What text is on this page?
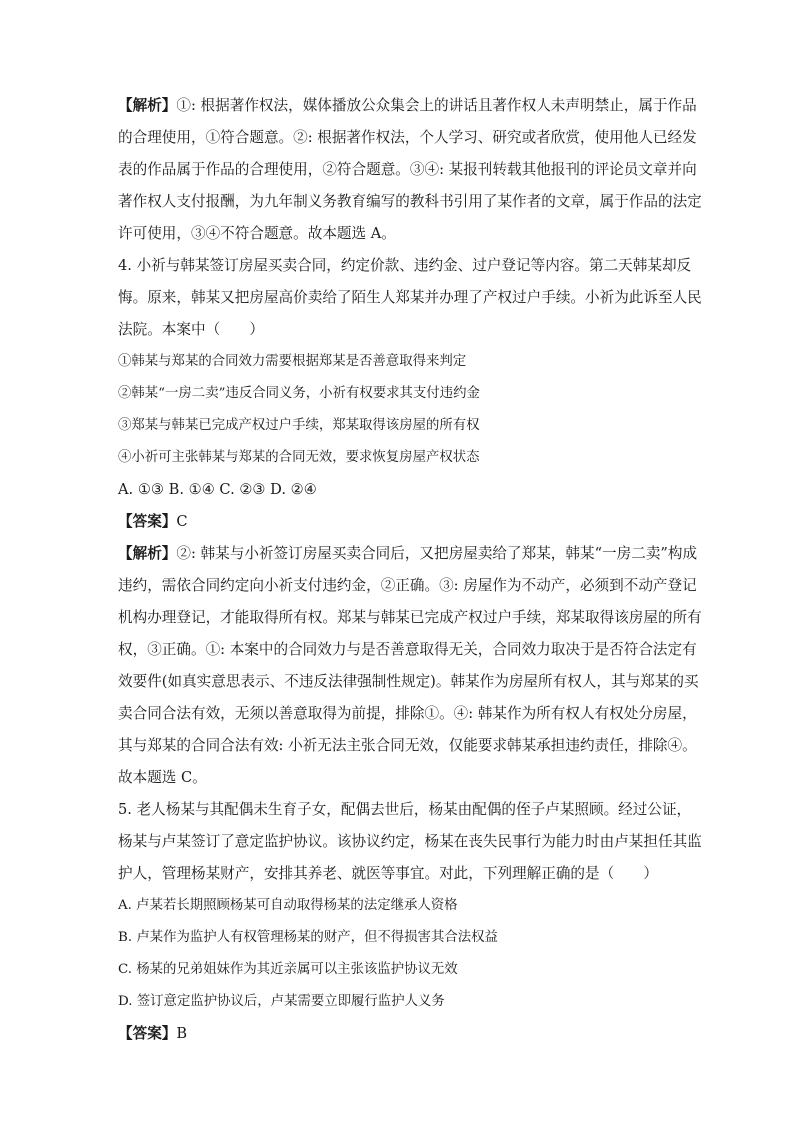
【解析】①: 根据著作权法，媒体播放公众集会上的讲话且著作权人未声明禁止，属于作品
的合理使用，①符合题意。②: 根据著作权法，个人学习、研究或者欣赏，使用他人已经发
表的作品属于作品的合理使用，②符合题意。③④: 某报刊转载其他报刊的评论员文章并向
著作权人支付报酬，为九年制义务教育编写的教科书引用了某作者的文章，属于作品的法定
许可使用，③④不符合题意。故本题选 A。
4. 小祈与韩某签订房屋买卖合同，约定价款、违约金、过户登记等内容。第二天韩某却反
悔。原来，韩某又把房屋高价卖给了陌生人郑某并办理了产权过户手续。小祈为此诉至人民
法院。本案中（　　）
①韩某与郑某的合同效力需要根据郑某是否善意取得来判定
②韩某“一房二卖”违反合同义务，小祈有权要求其支付违约金
③郑某与韩某已完成产权过户手续，郑某取得该房屋的所有权
④小祈可主张韩某与郑某的合同无效，要求恢复房屋产权状态
A. ①③ B. ①④ C. ②③ D. ②④
【答案】C
【解析】②: 韩某与小祈签订房屋买卖合同后，又把房屋卖给了郑某，韩某“一房二卖”构成
违约，需依合同约定向小祈支付违约金，②正确。③: 房屋作为不动产，必须到不动产登记
机构办理登记，才能取得所有权。郑某与韩某已完成产权过户手续，郑某取得该房屋的所有
权，③正确。①: 本案中的合同效力与是否善意取得无关，合同效力取决于是否符合法定有
效要件(如真实意思表示、不违反法律强制性规定)。韩某作为房屋所有权人，其与郑某的买
卖合同合法有效，无须以善意取得为前提，排除①。④: 韩某作为所有权人有权处分房屋，
其与郑某的合同合法有效: 小祈无法主张合同无效，仅能要求韩某承担违约责任，排除④。
故本题选 C。
5. 老人杨某与其配偶未生育子女，配偶去世后，杨某由配偶的侄子卢某照顾。经过公证，
杨某与卢某签订了意定监护协议。该协议约定，杨某在丧失民事行为能力时由卢某担任其监
护人，管理杨某财产，安排其养老、就医等事宜。对此，下列理解正确的是（　　）
A. 卢某若长期照顾杨某可自动取得杨某的法定继承人资格
B. 卢某作为监护人有权管理杨某的财产，但不得损害其合法权益
C. 杨某的兄弟姐妹作为其近亲属可以主张该监护协议无效
D. 签订意定监护协议后，卢某需要立即履行监护人义务
【答案】B
